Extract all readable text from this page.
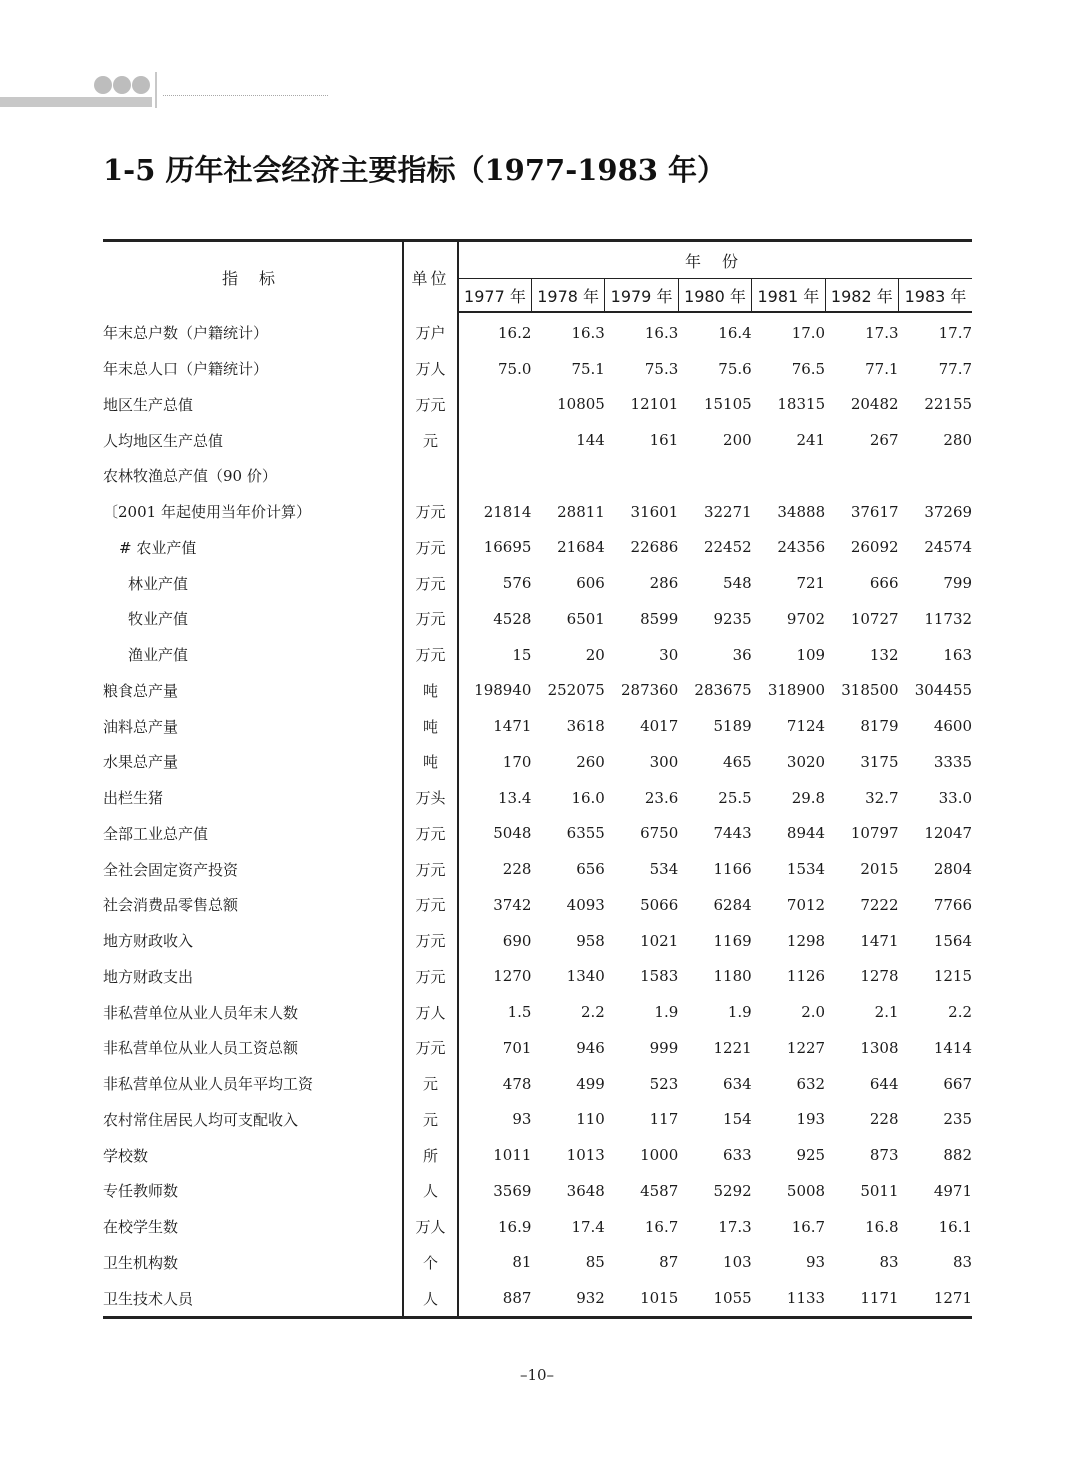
1-5 历年社会经济主要指标（1977-1983 年）
指 标	单位	年 份						
		1977 年	1978 年	1979 年	1980 年	1981 年	1982 年	1983 年
年末总户数（户籍统计）	万户	16.2	16.3	16.3	16.4	17.0	17.3	17.7
年末总人口（户籍统计）	万人	75.0	75.1	75.3	75.6	76.5	77.1	77.7
地区生产总值	万元		10805	12101	15105	18315	20482	22155
人均地区生产总值	元		144	161	200	241	267	280
农林牧渔总产值（90 价）								
〔2001 年起使用当年价计算）	万元	21814	28811	31601	32271	34888	37617	37269
# 农业产值	万元	16695	21684	22686	22452	24356	26092	24574
林业产值	万元	576	606	286	548	721	666	799
牧业产值	万元	4528	6501	8599	9235	9702	10727	11732
渔业产值	万元	15	20	30	36	109	132	163
粮食总产量	吨	198940	252075	287360	283675	318900	318500	304455
油料总产量	吨	1471	3618	4017	5189	7124	8179	4600
水果总产量	吨	170	260	300	465	3020	3175	3335
出栏生猪	万头	13.4	16.0	23.6	25.5	29.8	32.7	33.0
全部工业总产值	万元	5048	6355	6750	7443	8944	10797	12047
全社会固定资产投资	万元	228	656	534	1166	1534	2015	2804
社会消费品零售总额	万元	3742	4093	5066	6284	7012	7222	7766
地方财政收入	万元	690	958	1021	1169	1298	1471	1564
地方财政支出	万元	1270	1340	1583	1180	1126	1278	1215
非私营单位从业人员年末人数	万人	1.5	2.2	1.9	1.9	2.0	2.1	2.2
非私营单位从业人员工资总额	万元	701	946	999	1221	1227	1308	1414
非私营单位从业人员年平均工资	元	478	499	523	634	632	644	667
农村常住居民人均可支配收入	元	93	110	117	154	193	228	235
学校数	所	1011	1013	1000	633	925	873	882
专任教师数	人	3569	3648	4587	5292	5008	5011	4971
在校学生数	万人	16.9	17.4	16.7	17.3	16.7	16.8	16.1
卫生机构数	个	81	85	87	103	93	83	83
卫生技术人员	人	887	932	1015	1055	1133	1171	1271
–10–
